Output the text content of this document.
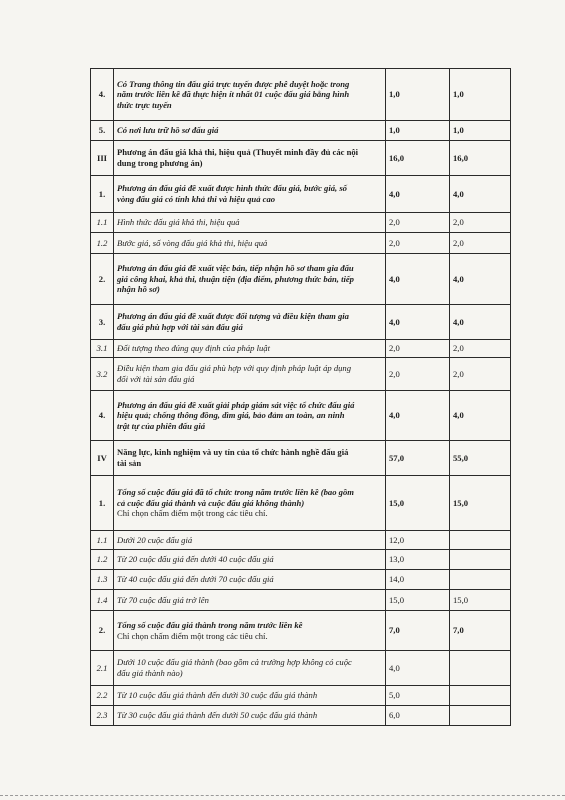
4.	Có Trang thông tin đấu giá trực tuyến được phê duyệt hoặc trong
năm trước liền kề đã thực hiện ít nhất 01 cuộc đấu giá bằng hình
thức trực tuyến	1,0	1,0
5.	Có nơi lưu trữ hồ sơ đấu giá	1,0	1,0
III	Phương án đấu giá khả thi, hiệu quả (Thuyết minh đầy đủ các nội
dung trong phương án)	16,0	16,0
1.	Phương án đấu giá đề xuất được hình thức đấu giá, bước giá, số
vòng đấu giá có tính khả thi và hiệu quả cao	4,0	4,0
1.1	Hình thức đấu giá khả thi, hiệu quả	2,0	2,0
1.2	Bước giá, số vòng đấu giá khả thi, hiệu quả	2,0	2,0
2.	Phương án đấu giá đề xuất việc bán, tiếp nhận hồ sơ tham gia đấu
giá công khai, khả thi, thuận tiện (địa điểm, phương thức bán, tiếp
nhận hồ sơ)	4,0	4,0
3.	Phương án đấu giá đề xuất được đối tượng và điều kiện tham gia
đấu giá phù hợp với tài sản đấu giá	4,0	4,0
3.1	Đối tượng theo đúng quy định của pháp luật	2,0	2,0
3.2	Điều kiện tham gia đấu giá phù hợp với quy định pháp luật áp dụng
đối với tài sản đấu giá	2,0	2,0
4.	Phương án đấu giá đề xuất giải pháp giám sát việc tổ chức đấu giá
hiệu quả; chống thông đồng, dìm giá, bảo đảm an toàn, an ninh
trật tự của phiên đấu giá	4,0	4,0
IV	Năng lực, kinh nghiệm và uy tín của tổ chức hành nghề đấu giá
tài sản	57,0	55,0
1.	Tổng số cuộc đấu giá đã tổ chức trong năm trước liền kề (bao gồm
cả cuộc đấu giá thành và cuộc đấu giá không thành)
Chỉ chọn chấm điểm một trong các tiêu chí.	15,0	15,0
1.1	Dưới 20 cuộc đấu giá	12,0	
1.2	Từ 20 cuộc đấu giá đến dưới 40 cuộc đấu giá	13,0	
1.3	Từ 40 cuộc đấu giá đến dưới 70 cuộc đấu giá	14,0	
1.4	Từ 70 cuộc đấu giá trở lên	15,0	15,0
2.	Tổng số cuộc đấu giá thành trong năm trước liền kề
Chỉ chọn chấm điểm một trong các tiêu chí.	7,0	7,0
2.1	Dưới 10 cuộc đấu giá thành (bao gồm cả trường hợp không có cuộc
đấu giá thành nào)	4,0	
2.2	Từ 10 cuộc đấu giá thành đến dưới 30 cuộc đấu giá thành	5,0	
2.3	Từ 30 cuộc đấu giá thành đến dưới 50 cuộc đấu giá thành	6,0	
